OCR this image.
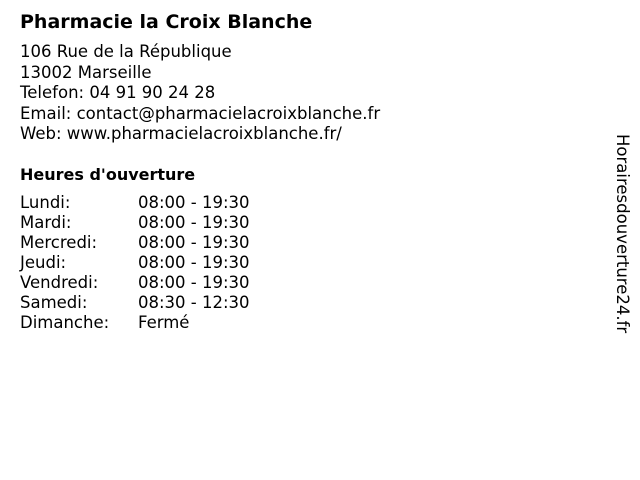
Pharmacie la Croix Blanche
106 Rue de la République
13002 Marseille
Telefon: 04 91 90 24 28
Email: contact@pharmacielacroixblanche.fr
Web: www.pharmacielacroixblanche.fr/
Heures d'ouverture
Lundi:	08:00 - 19:30
Mardi:	08:00 - 19:30
Mercredi:	08:00 - 19:30
Jeudi:	08:00 - 19:30
Vendredi:	08:00 - 19:30
Samedi:	08:30 - 12:30
Dimanche:	Fermé	Horairesdouverture24.fr
